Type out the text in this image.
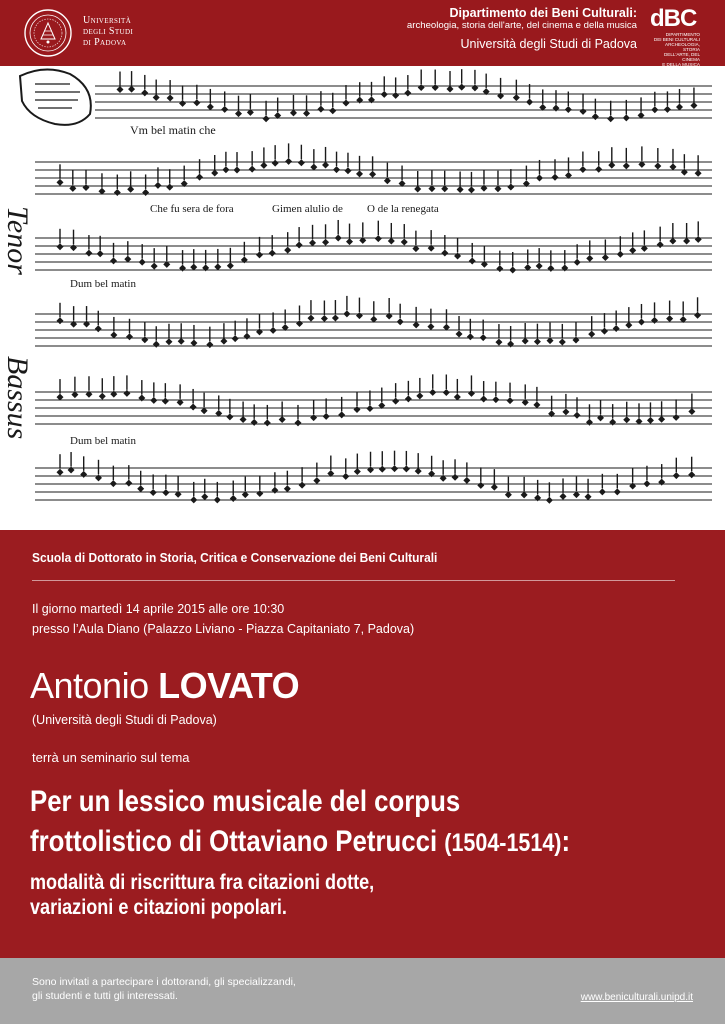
Università
degli Studi
di Padova
Dipartimento dei Beni Culturali:
archeologia, storia dell'arte, del cinema e della musica
Università degli Studi di Padova
dBC
DIPARTIMENTO
DEI BENI CULTURALI
ARCHEOLOGIA, STORIA
DELL'ARTE, DEL CINEMA
E DELLA MUSICA
Vm bel matin che
Che fu sera de fora	Gimen alulio de O de la renegata
Dum bel matin
Dum bel matin
Tenor
Bassus
Scuola di Dottorato in Storia, Critica e Conservazione dei Beni Culturali
Il giorno martedì 14 aprile 2015 alle ore 10:30
presso l’Aula Diano (Palazzo Liviano - Piazza Capitaniato 7, Padova)
Antonio LOVATO
(Università degli Studi di Padova)
terrà un seminario sul tema
Per un lessico musicale del corpus
frottolistico di Ottaviano Petrucci (1504-1514):
modalità di riscrittura fra citazioni dotte,
variazioni e citazioni popolari.
Sono invitati a partecipare i dottorandi, gli specializzandi,
gli studenti e tutti gli interessati.	www.beniculturali.unipd.it
